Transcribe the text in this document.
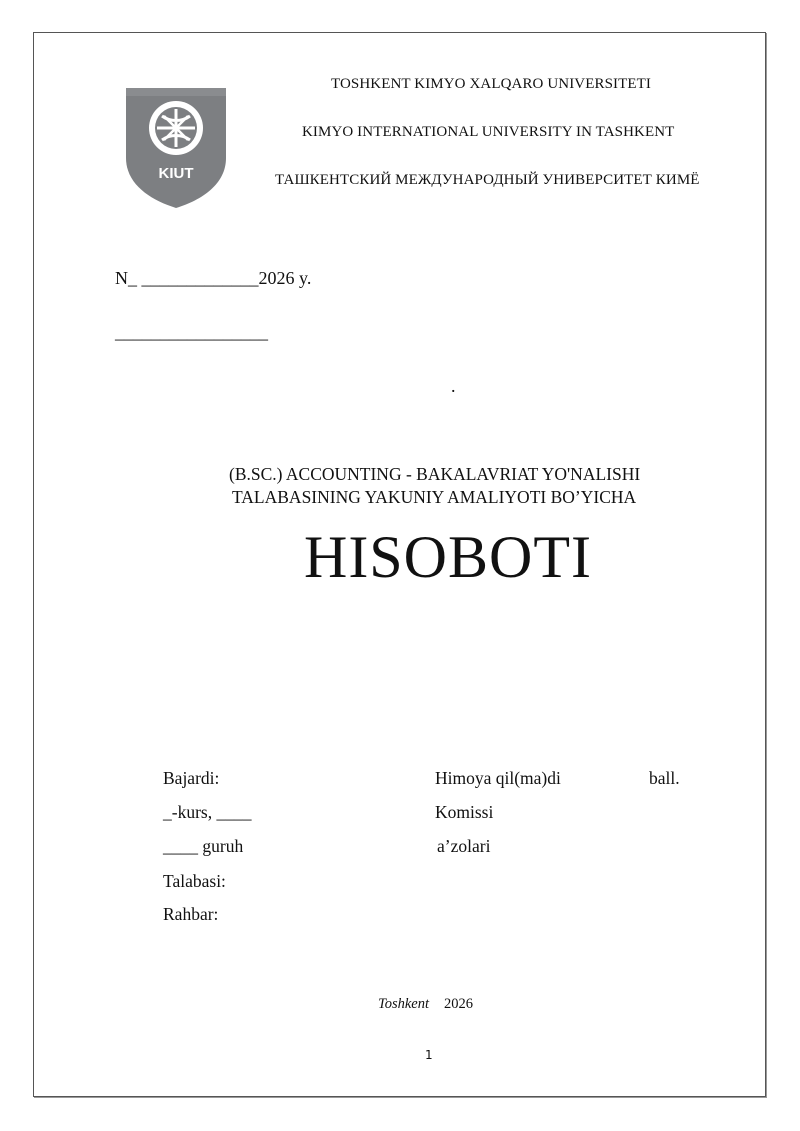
KIUT
TOSHKENT KIMYO XALQARO UNIVERSITETI
KIMYO INTERNATIONAL UNIVERSITY IN TASHKENT
ТАШКЕНТСКИЙ МЕЖДУНАРОДНЫЙ УНИВЕРСИТЕТ КИМЁ
N_ _____________2026 y.
_________________
.
(B.SC.) ACCOUNTING - BAKALAVRIAT YO'NALISHI
TALABASINING YAKUNIY AMALIYOTI BO’YICHA
HISOBOTI
Bajardi:
_-kurs, ____
____ guruh
Talabasi:
Rahbar:
Himoya qil(ma)di	ball.
Komissi
a’zolari
Toshkent 2026
1
